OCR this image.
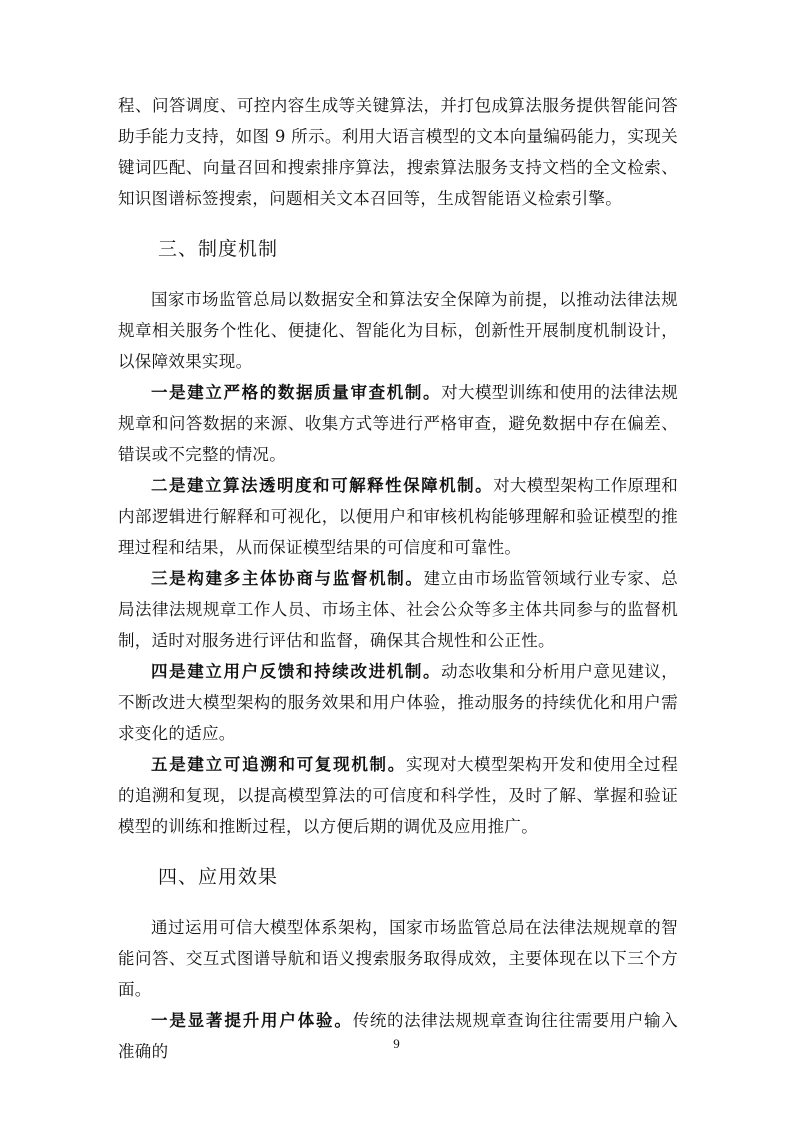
程、问答调度、可控内容生成等关键算法，并打包成算法服务提供智能问答助手能力支持，如图 9 所示。利用大语言模型的文本向量编码能力，实现关键词匹配、向量召回和搜索排序算法，搜索算法服务支持文档的全文检索、知识图谱标签搜索，问题相关文本召回等，生成智能语义检索引擎。

三、制度机制

国家市场监管总局以数据安全和算法安全保障为前提，以推动法律法规规章相关服务个性化、便捷化、智能化为目标，创新性开展制度机制设计，以保障效果实现。

一是建立严格的数据质量审查机制。对大模型训练和使用的法律法规规章和问答数据的来源、收集方式等进行严格审查，避免数据中存在偏差、错误或不完整的情况。

二是建立算法透明度和可解释性保障机制。对大模型架构工作原理和内部逻辑进行解释和可视化，以便用户和审核机构能够理解和验证模型的推理过程和结果，从而保证模型结果的可信度和可靠性。

三是构建多主体协商与监督机制。建立由市场监管领域行业专家、总局法律法规规章工作人员、市场主体、社会公众等多主体共同参与的监督机制，适时对服务进行评估和监督，确保其合规性和公正性。

四是建立用户反馈和持续改进机制。动态收集和分析用户意见建议，不断改进大模型架构的服务效果和用户体验，推动服务的持续优化和用户需求变化的适应。

五是建立可追溯和可复现机制。实现对大模型架构开发和使用全过程的追溯和复现，以提高模型算法的可信度和科学性，及时了解、掌握和验证模型的训练和推断过程，以方便后期的调优及应用推广。

四、应用效果

通过运用可信大模型体系架构，国家市场监管总局在法律法规规章的智能问答、交互式图谱导航和语义搜索服务取得成效，主要体现在以下三个方面。

一是显著提升用户体验。传统的法律法规规章查询往往需要用户输入准确的	9
